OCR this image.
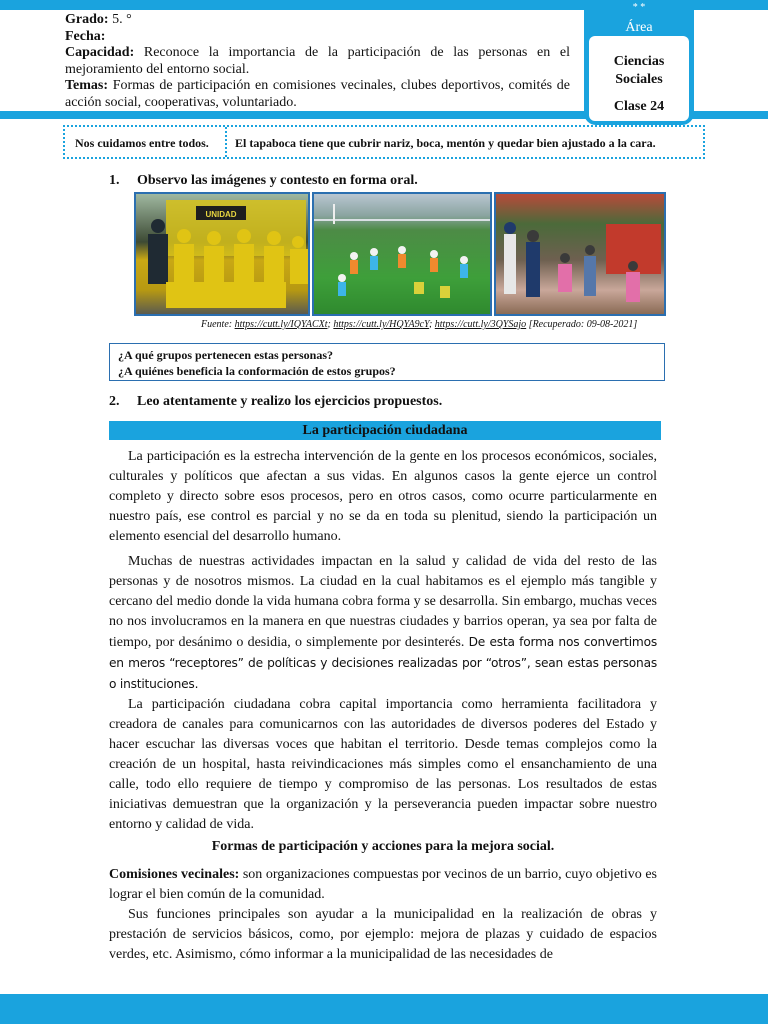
Grado: 5. °

Fecha:

Capacidad: Reconoce la importancia de la participación de las personas en el mejoramiento del entorno social.

Temas: Formas de participación en comisiones vecinales, clubes deportivos, comités de acción social, cooperativas, voluntariado.

* *
Área
Ciencias
Sociales
Clase 24
Nos cuidamos entre todos.	El tapaboca tiene que cubrir nariz, boca, mentón y quedar bien ajustado a la cara.
1. Observo las imágenes y contesto en forma oral.
UNIDAD
Fuente: https://cutt.ly/IQYACXt; https://cutt.ly/HQYA9cY; https://cutt.ly/3QYSajo [Recuperado: 09-08-2021]
¿A qué grupos pertenecen estas personas?
¿A quiénes beneficia la conformación de estos grupos?
2. Leo atentamente y realizo los ejercicios propuestos.
La participación ciudadana

La participación es la estrecha intervención de la gente en los procesos económicos, sociales, culturales y políticos que afectan a sus vidas. En algunos casos la gente ejerce un control completo y directo sobre esos procesos, pero en otros casos, como ocurre particularmente en nuestro país, ese control es parcial y no se da en toda su plenitud, siendo la participación un elemento esencial del desarrollo humano.

Muchas de nuestras actividades impactan en la salud y calidad de vida del resto de las personas y de nosotros mismos. La ciudad en la cual habitamos es el ejemplo más tangible y cercano del medio donde la vida humana cobra forma y se desarrolla. Sin embargo, muchas veces no nos involucramos en la manera en que nuestras ciudades y barrios operan, ya sea por falta de tiempo, por desánimo o desidia, o simplemente por desinterés. De esta forma nos convertimos en meros “receptores” de políticas y decisiones realizadas por “otros”, sean estas personas o instituciones.

La participación ciudadana cobra capital importancia como herramienta facilitadora y creadora de canales para comunicarnos con las autoridades de diversos poderes del Estado y hacer escuchar las diversas voces que habitan el territorio. Desde temas complejos como la creación de un hospital, hasta reivindicaciones más simples como el ensanchamiento de una calle, todo ello requiere de tiempo y compromiso de las personas. Los resultados de estas iniciativas demuestran que la organización y la perseverancia pueden impactar sobre nuestro entorno y calidad de vida.

Formas de participación y acciones para la mejora social.

Comisiones vecinales: son organizaciones compuestas por vecinos de un barrio, cuyo objetivo es lograr el bien común de la comunidad.

Sus funciones principales son ayudar a la municipalidad en la realización de obras y prestación de servicios básicos, como, por ejemplo: mejora de plazas y cuidado de espacios verdes, etc. Asimismo, cómo informar a la municipalidad de las necesidades de
